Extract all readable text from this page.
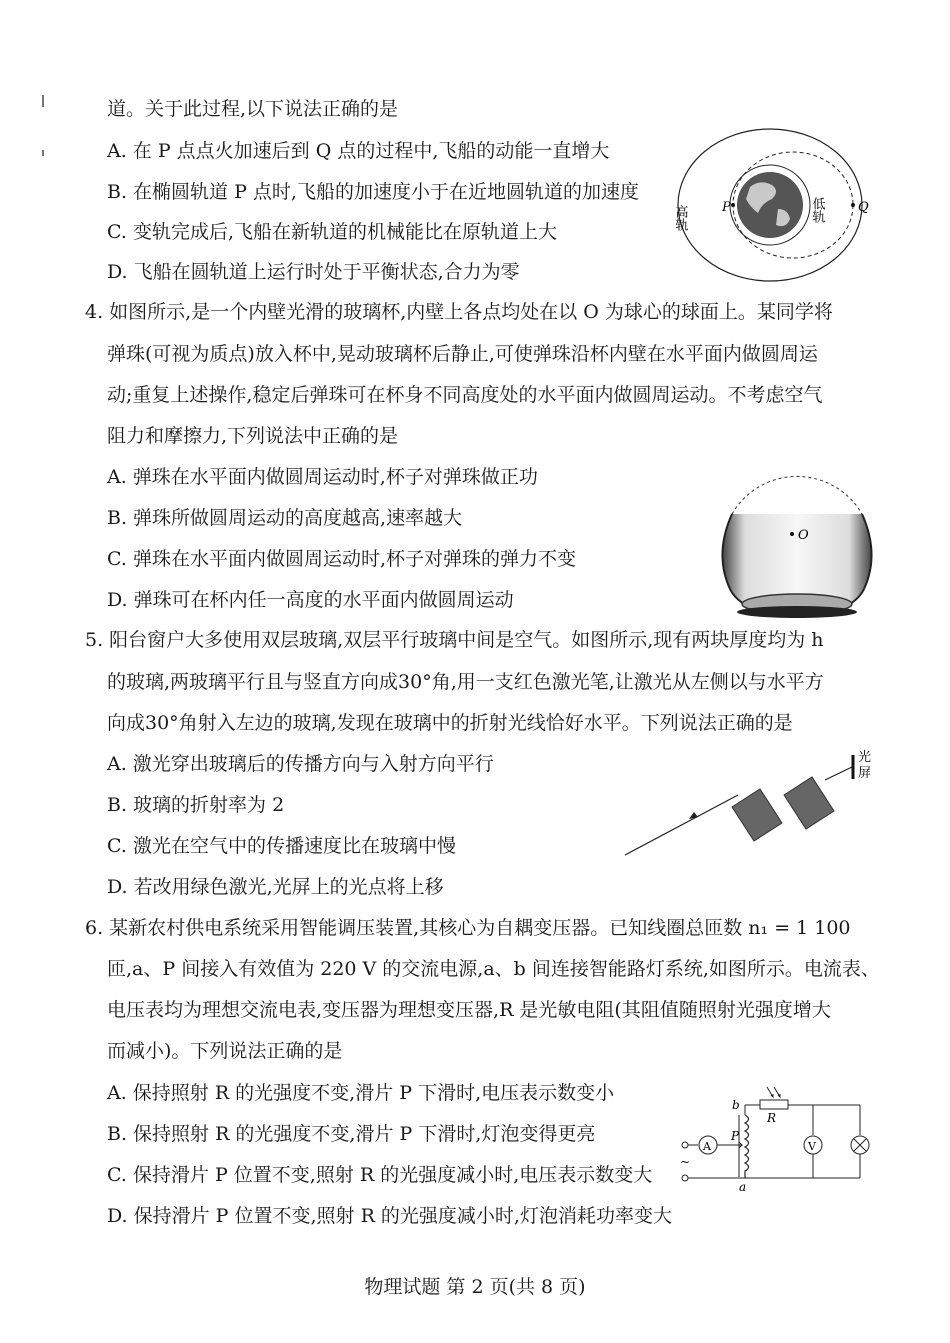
道。关于此过程,以下说法正确的是
A. 在 P 点点火加速后到 Q 点的过程中,飞船的动能一直增大
B. 在椭圆轨道 P 点时,飞船的加速度小于在近地圆轨道的加速度
C. 变轨完成后,飞船在新轨道的机械能比在原轨道上大
D. 飞船在圆轨道上运行时处于平衡状态,合力为零
P	Q
高轨	低轨
4. 如图所示,是一个内壁光滑的玻璃杯,内壁上各点均处在以 O 为球心的球面上。某同学将
弹珠(可视为质点)放入杯中,晃动玻璃杯后静止,可使弹珠沿杯内壁在水平面内做圆周运
动;重复上述操作,稳定后弹珠可在杯身不同高度处的水平面内做圆周运动。不考虑空气
阻力和摩擦力,下列说法中正确的是
A. 弹珠在水平面内做圆周运动时,杯子对弹珠做正功
B. 弹珠所做圆周运动的高度越高,速率越大
C. 弹珠在水平面内做圆周运动时,杯子对弹珠的弹力不变
D. 弹珠可在杯内任一高度的水平面内做圆周运动
O
5. 阳台窗户大多使用双层玻璃,双层平行玻璃中间是空气。如图所示,现有两块厚度均为 h
的玻璃,两玻璃平行且与竖直方向成30°角,用一支红色激光笔,让激光从左侧以与水平方
向成30°角射入左边的玻璃,发现在玻璃中的折射光线恰好水平。下列说法正确的是
A. 激光穿出玻璃后的传播方向与入射方向平行
B. 玻璃的折射率为 2
C. 激光在空气中的传播速度比在玻璃中慢
D. 若改用绿色激光,光屏上的光点将上移
光
屏
6. 某新农村供电系统采用智能调压装置,其核心为自耦变压器。已知线圈总匝数 n₁ = 1 100
匝,a、P 间接入有效值为 220 V 的交流电源,a、b 间连接智能路灯系统,如图所示。电流表、
电压表均为理想交流电表,变压器为理想变压器,R 是光敏电阻(其阻值随照射光强度增大
而减小)。下列说法正确的是
A. 保持照射 R 的光强度不变,滑片 P 下滑时,电压表示数变小
B. 保持照射 R 的光强度不变,滑片 P 下滑时,灯泡变得更亮
C. 保持滑片 P 位置不变,照射 R 的光强度减小时,电压表示数变大
D. 保持滑片 P 位置不变,照射 R 的光强度减小时,灯泡消耗功率变大
~
A
P
b
a
R
V
物理试题 第 2 页(共 8 页)
